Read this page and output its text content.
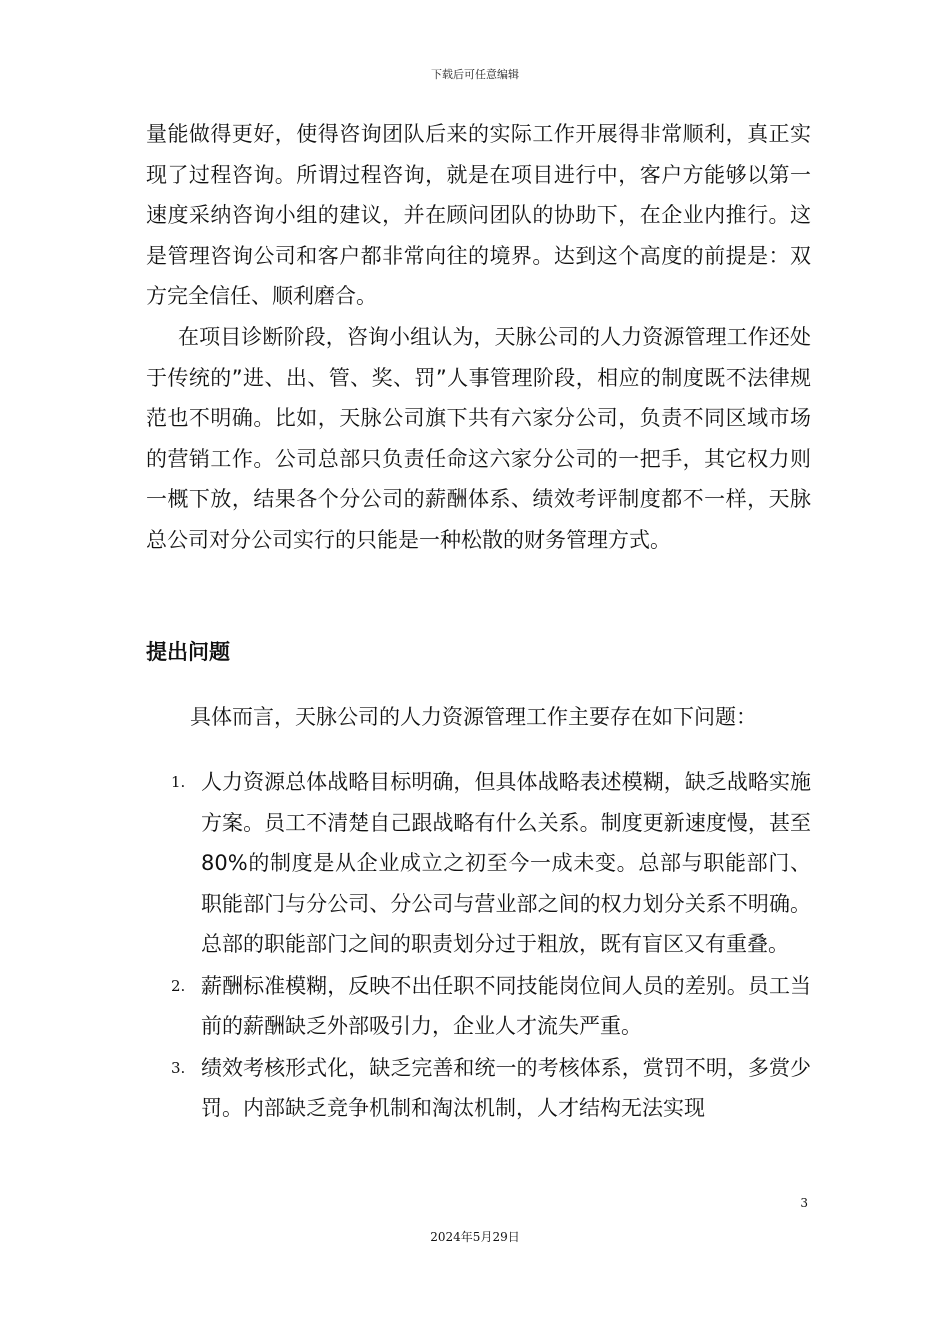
下载后可任意编辑
量能做得更好，使得咨询团队后来的实际工作开展得非常顺利，真正实现了过程咨询。所谓过程咨询，就是在项目进行中，客户方能够以第一速度采纳咨询小组的建议，并在顾问团队的协助下，在企业内推行。这是管理咨询公司和客户都非常向往的境界。达到这个高度的前提是：双方完全信任、顺利磨合。
在项目诊断阶段，咨询小组认为，天脉公司的人力资源管理工作还处于传统的”进、出、管、奖、罚”人事管理阶段，相应的制度既不法律规范也不明确。比如，天脉公司旗下共有六家分公司，负责不同区域市场的营销工作。公司总部只负责任命这六家分公司的一把手，其它权力则一概下放，结果各个分公司的薪酬体系、绩效考评制度都不一样，天脉总公司对分公司实行的只能是一种松散的财务管理方式。
提出问题
具体而言，天脉公司的人力资源管理工作主要存在如下问题：
1. 人力资源总体战略目标明确，但具体战略表述模糊，缺乏战略实施方案。员工不清楚自己跟战略有什么关系。制度更新速度慢，甚至80%的制度是从企业成立之初至今一成未变。总部与职能部门、职能部门与分公司、分公司与营业部之间的权力划分关系不明确。总部的职能部门之间的职责划分过于粗放，既有盲区又有重叠。
2. 薪酬标准模糊，反映不出任职不同技能岗位间人员的差别。员工当前的薪酬缺乏外部吸引力，企业人才流失严重。
3. 绩效考核形式化，缺乏完善和统一的考核体系，赏罚不明，多赏少罚。内部缺乏竞争机制和淘汰机制，人才结构无法实现
3
2024年5月29日
